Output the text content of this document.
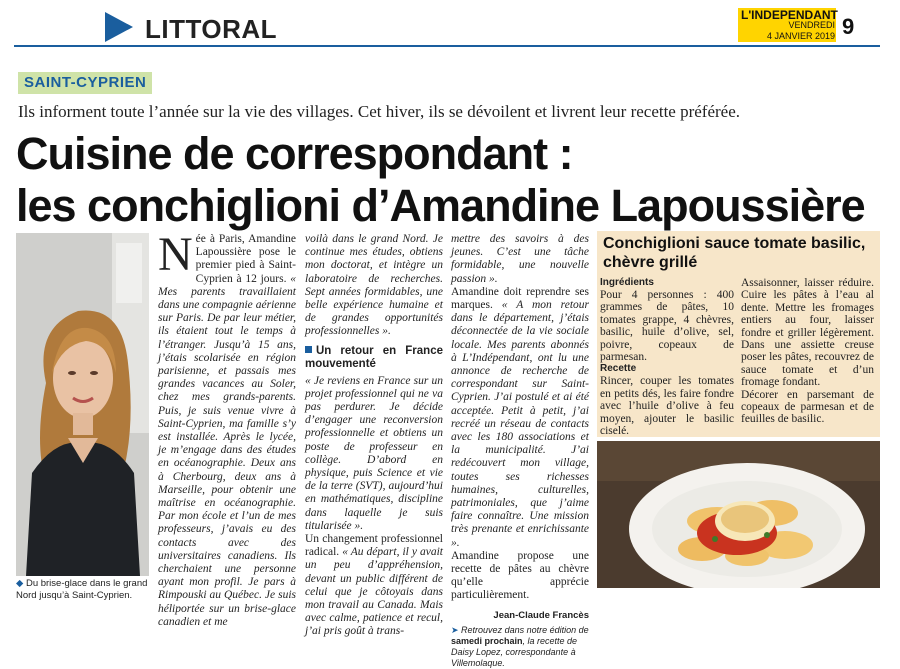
LITTORAL	L'INDEPENDANT
VENDREDI
4 JANVIER 2019 9
SAINT-CYPRIEN
Ils informent toute l’année sur la vie des villages. Cet hiver, ils se dévoilent et livrent leur recette préférée.
Cuisine de correspondant :
les conchiglioni d’Amandine Lapoussière
◆ Du brise-glace dans le grand Nord jusqu’à Saint-Cyprien.
N ée à Paris, Amandine Lapoussière pose le premier pied à Saint-Cyprien à 12 jours. « Mes parents travaillaient dans une compagnie aérienne sur Paris. De par leur métier, ils étaient tout le temps à l’étranger. Jusqu’à 15 ans, j’étais scolarisée en région parisienne, et passais mes grandes vacances au Soler, chez mes grands-parents. Puis, je suis venue vivre à Saint-Cyprien, ma famille s’y est installée. Après le lycée, je m’engage dans des études en océanographie. Deux ans à Cherbourg, deux ans à Marseille, pour obtenir une maîtrise en océanographie. Par mon école et l’un de mes professeurs, j’avais eu des contacts avec des universitaires canadiens. Ils cherchaient une personne ayant mon profil. Je pars à Rimpouski au Québec. Je suis héliportée sur un brise-glace canadien et me

voilà dans le grand Nord. Je continue mes études, obtiens mon doctorat, et intègre un laboratoire de recherches. Sept années formidables, une belle expérience humaine et de grandes opportunités professionnelles ».

Un retour en France mouvementé

« Je reviens en France sur un projet professionnel qui ne va pas perdurer. Je décide d’engager une reconversion professionnelle et obtiens un poste de professeur en collège. D’abord en physique, puis Science et vie de la terre (SVT), aujourd’hui en mathématiques, discipline dans laquelle je suis titularisée ».

Un changement professionnel radical. « Au départ, il y avait un peu d’appréhension, devant un public différent de celui que je côtoyais dans mon travail au Canada. Mais avec calme, patience et recul, j’ai pris goût à trans-

mettre des savoirs à des jeunes. C’est une tâche formidable, une nouvelle passion ».

Amandine doit reprendre ses marques. « A mon retour dans le département, j’étais déconnectée de la vie sociale locale. Mes parents abonnés à L’Indépendant, ont lu une annonce de recherche de correspondant sur Saint-Cyprien. J’ai postulé et ai été acceptée. Petit à petit, j’ai recréé un réseau de contacts avec les 180 associations et la municipalité. J’ai redécouvert mon village, toutes ses richesses humaines, culturelles, patrimoniales, que j’aime faire connaître. Une mission très prenante et enrichissante ».

Amandine propose une recette de pâtes au chèvre qu’elle apprécie particulièrement.

Jean-Claude Francès
➤ Retrouvez dans notre édition de samedi prochain, la recette de Daisy Lopez, correspondante à Villemolaque.
Conchiglioni sauce tomate basilic, chèvre grillé
Ingrédients

Pour 4 personnes : 400 grammes de pâtes, 10 tomates grappe, 4 chèvres, basilic, huile d’olive, sel, poivre, copeaux de parmesan.

Recette

Rincer, couper les tomates en petits dés, les faire fondre avec l’huile d’olive à feu moyen, ajouter le basilic ciselé.

Assaisonner, laisser réduire. Cuire les pâtes à l’eau al dente. Mettre les fromages entiers au four, laisser fondre et griller légèrement. Dans une assiette creuse poser les pâtes, recouvrez de sauce tomate et d’un fromage fondant.

Décorer en parsemant de copeaux de parmesan et de feuilles de basilic.
